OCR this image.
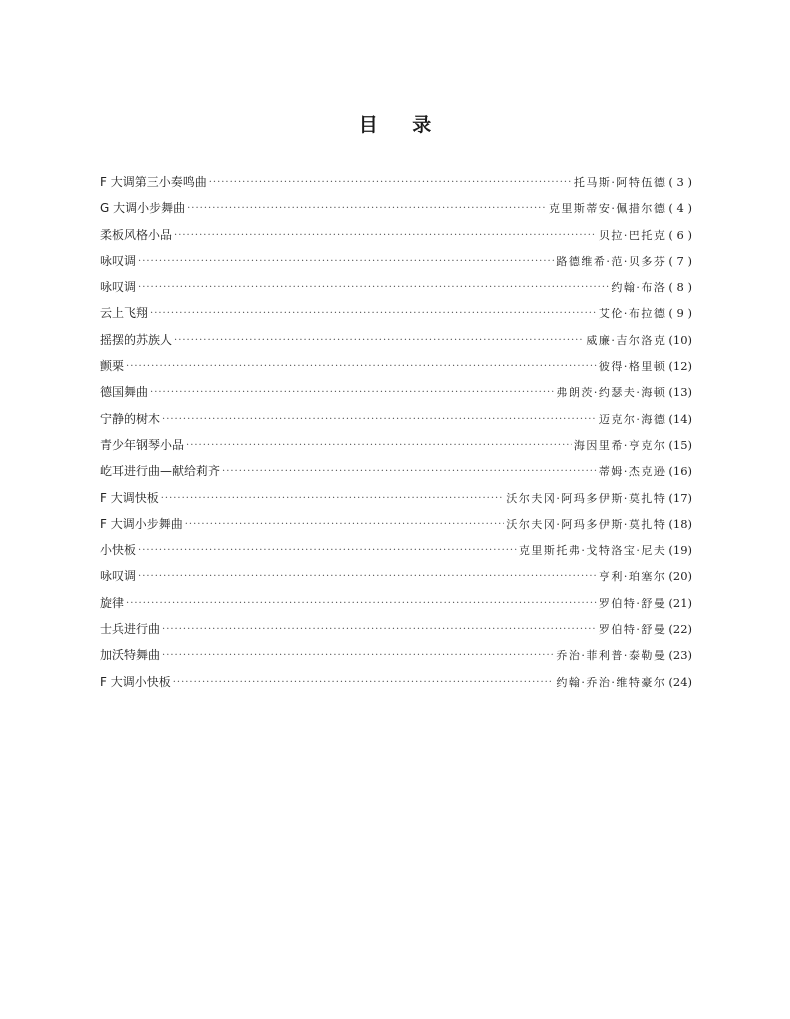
目 录
F 大调第三小奏鸣曲 ·····	托马斯·阿特伍德 ( 3 )
G 大调小步舞曲 ·····	克里斯蒂安·佩措尔德 ( 4 )
柔板风格小品 ·····	贝拉·巴托克 ( 6 )
咏叹调 ·····	路德维希·范·贝多芬 ( 7 )
咏叹调 ·····	约翰·布洛 ( 8 )
云上飞翔 ·····	艾伦·布拉德 ( 9 )
摇摆的苏族人 ·····	威廉·吉尔洛克 (10)
颤栗 ·····	彼得·格里顿 (12)
德国舞曲 ·····	弗朗茨·约瑟夫·海顿 (13)
宁静的树木 ·····	迈克尔·海德 (14)
青少年钢琴小品 ·····	海因里希·亨克尔 (15)
屹耳进行曲—献给莉齐 ·····	蒂姆·杰克逊 (16)
F 大调快板 ·····	沃尔夫冈·阿玛多伊斯·莫扎特 (17)
F 大调小步舞曲 ·····	沃尔夫冈·阿玛多伊斯·莫扎特 (18)
小快板 ·····	克里斯托弗·戈特洛宝·尼夫 (19)
咏叹调 ·····	亨利·珀塞尔 (20)
旋律 ·····	罗伯特·舒曼 (21)
士兵进行曲 ·····	罗伯特·舒曼 (22)
加沃特舞曲 ·····	乔治·菲利普·泰勒曼 (23)
F 大调小快板 ·····	约翰·乔治·维特豪尔 (24)
